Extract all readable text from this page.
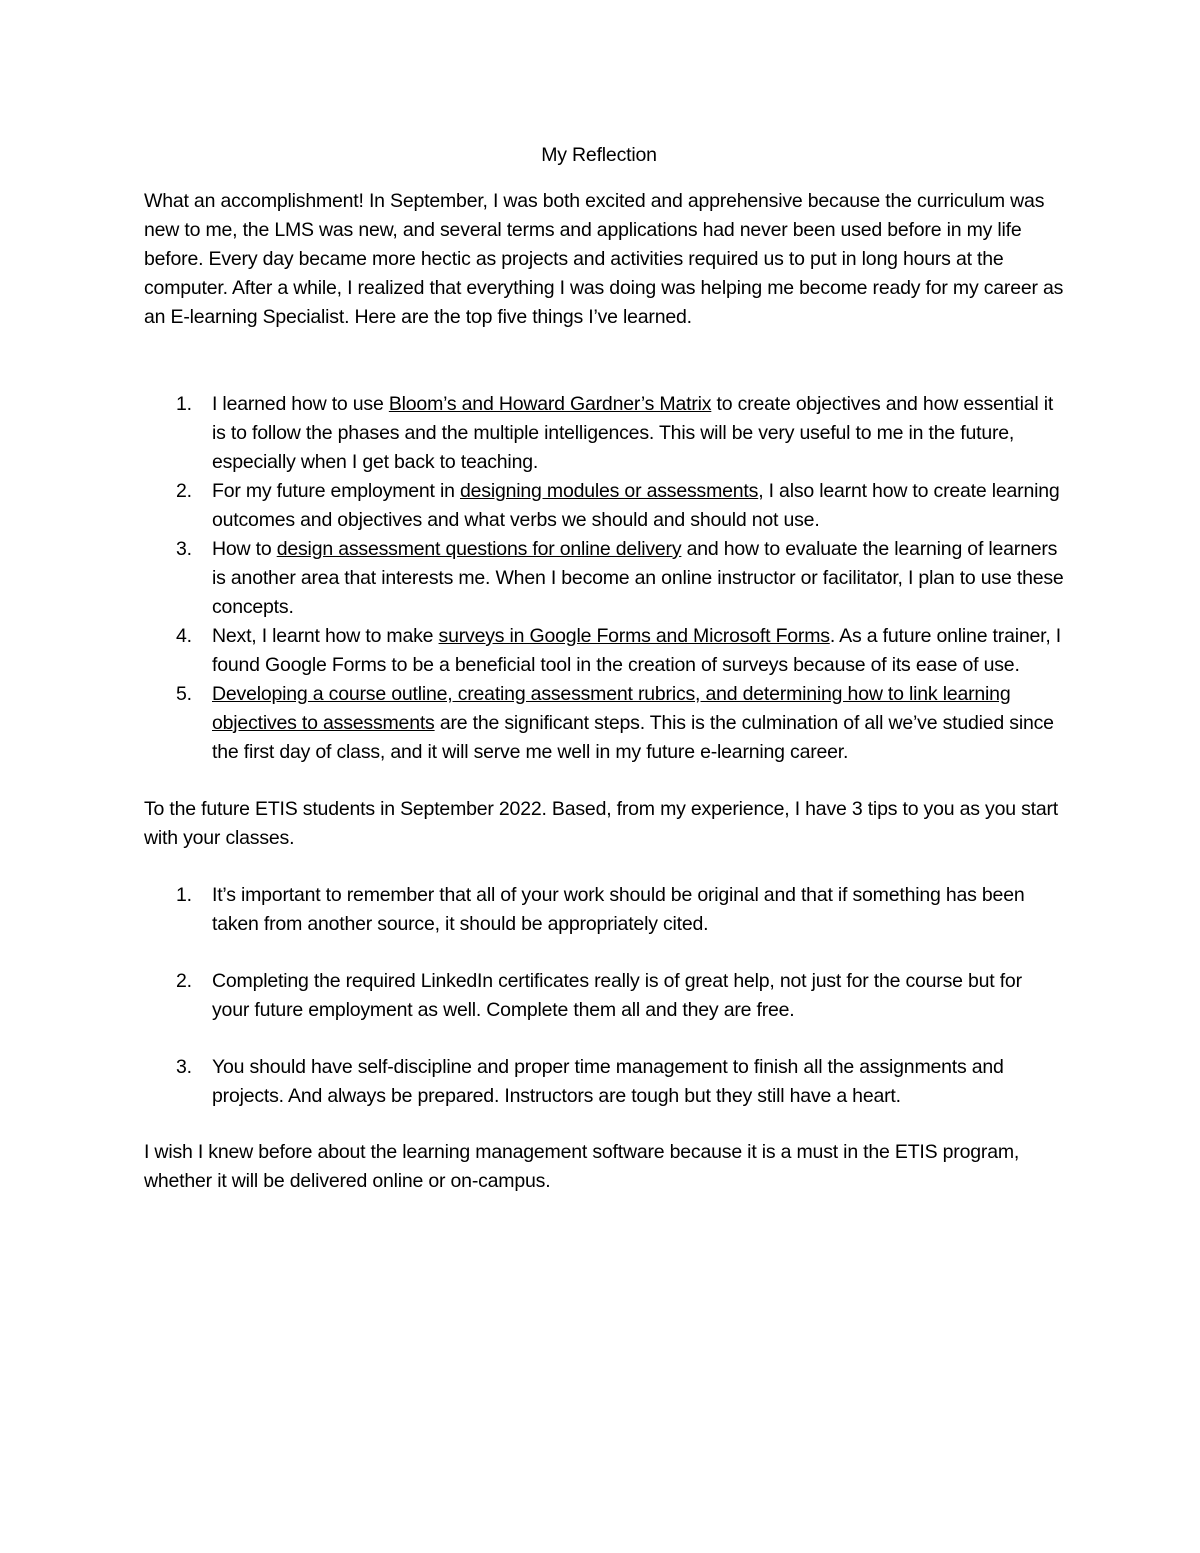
My Reflection

What an accomplishment! In September, I was both excited and apprehensive because the curriculum was new to me, the LMS was new, and several terms and applications had never been used before in my life before. Every day became more hectic as projects and activities required us to put in long hours at the computer. After a while, I realized that everything I was doing was helping me become ready for my career as an E-learning Specialist. Here are the top five things I’ve learned.

1. I learned how to use Bloom’s and Howard Gardner’s Matrix to create objectives and how essential it is to follow the phases and the multiple intelligences. This will be very useful to me in the future, especially when I get back to teaching.
2. For my future employment in designing modules or assessments, I also learnt how to create learning outcomes and objectives and what verbs we should and should not use.
3. How to design assessment questions for online delivery and how to evaluate the learning of learners is another area that interests me. When I become an online instructor or facilitator, I plan to use these concepts.
4. Next, I learnt how to make surveys in Google Forms and Microsoft Forms. As a future online trainer, I found Google Forms to be a beneficial tool in the creation of surveys because of its ease of use.
5. Developing a course outline, creating assessment rubrics, and determining how to link learning objectives to assessments are the significant steps. This is the culmination of all we’ve studied since the first day of class, and it will serve me well in my future e-learning career.

To the future ETIS students in September 2022. Based, from my experience, I have 3 tips to you as you start with your classes.

1. It’s important to remember that all of your work should be original and that if something has been taken from another source, it should be appropriately cited.
2. Completing the required LinkedIn certificates really is of great help, not just for the course but for your future employment as well. Complete them all and they are free.
3. You should have self-discipline and proper time management to finish all the assignments and projects. And always be prepared. Instructors are tough but they still have a heart.

I wish I knew before about the learning management software because it is a must in the ETIS program, whether it will be delivered online or on-campus.
